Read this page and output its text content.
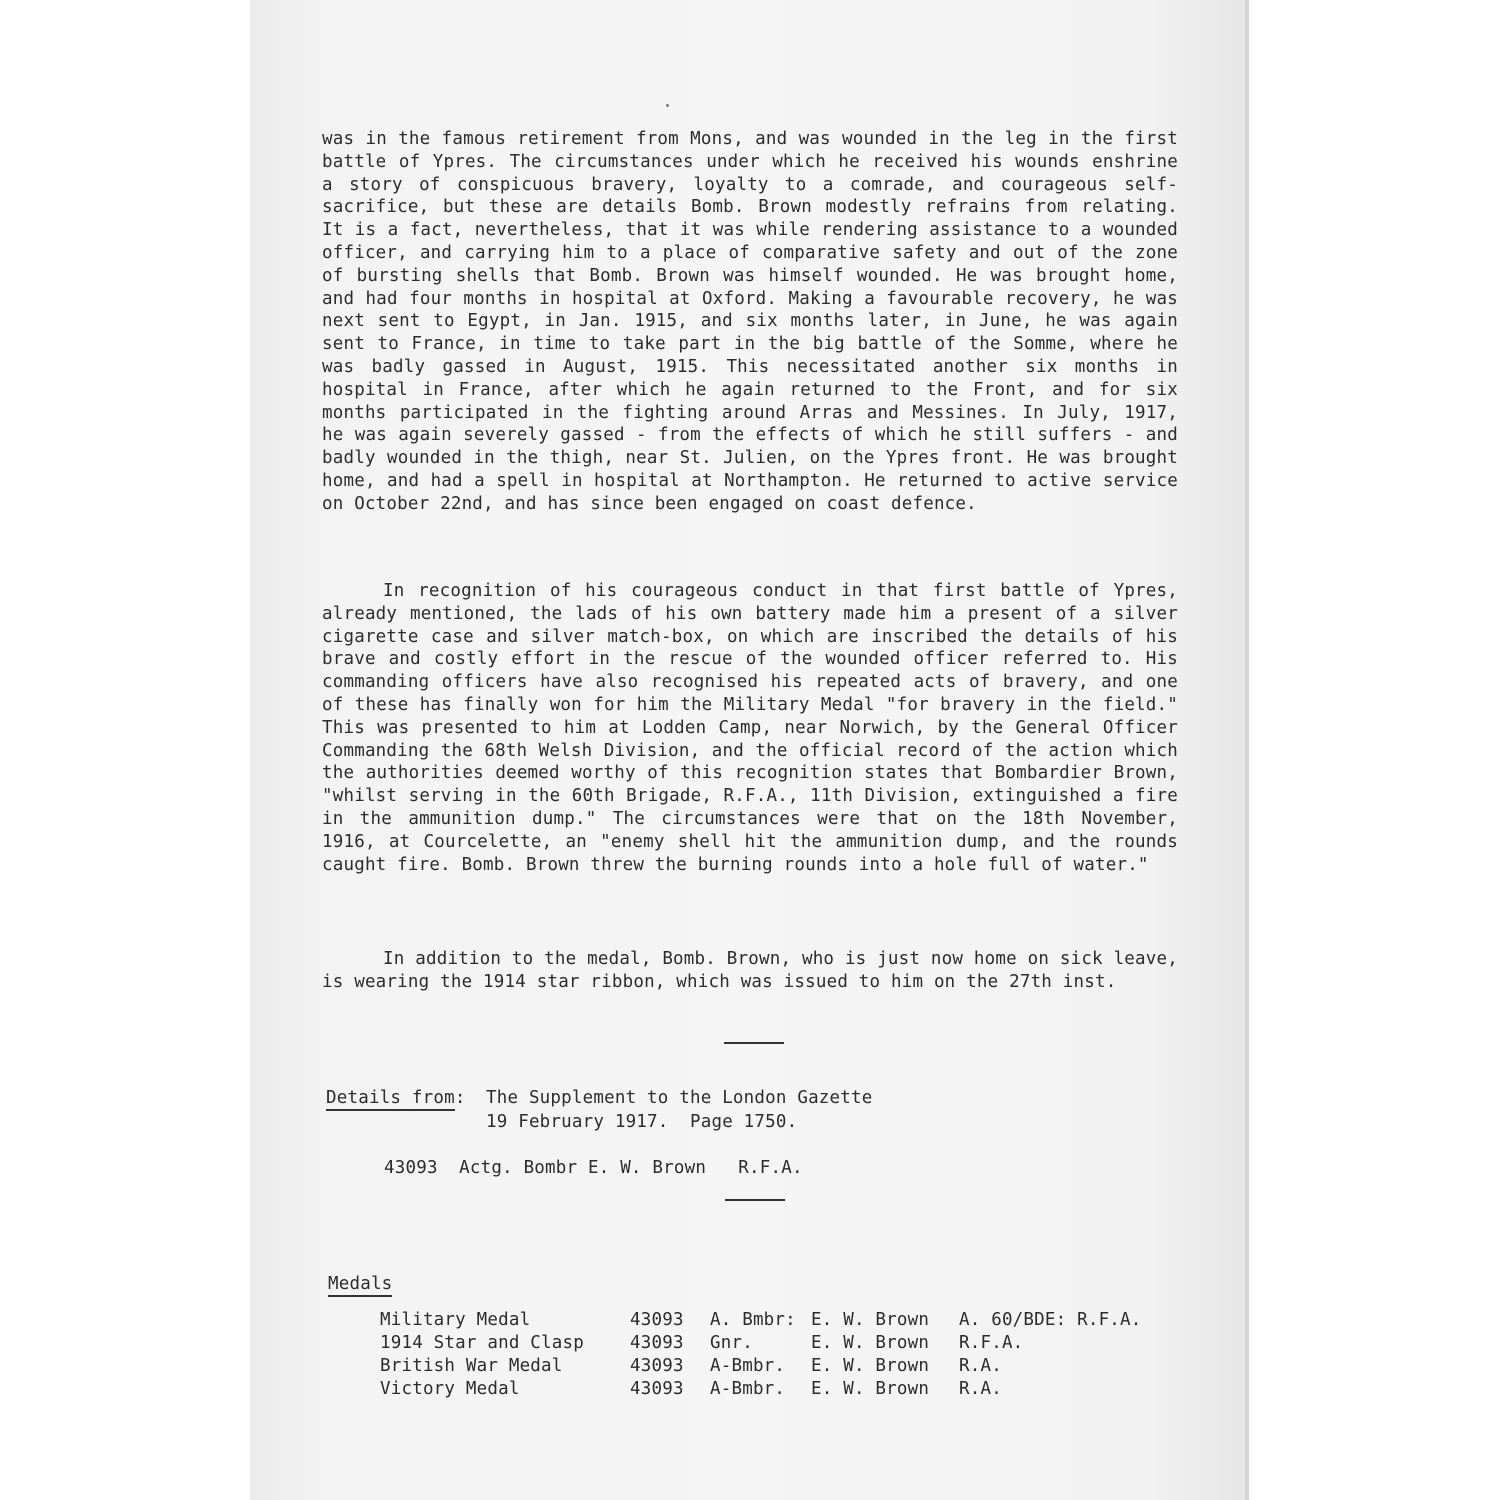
was in the famous retirement from Mons, and was wounded in the leg in the first battle of Ypres. The circumstances under which he received his wounds enshrine a story of conspicuous bravery, loyalty to a comrade, and courageous self-sacrifice, but these are details Bomb. Brown modestly refrains from relating. It is a fact, nevertheless, that it was while rendering assistance to a wounded officer, and carrying him to a place of comparative safety and out of the zone of bursting shells that Bomb. Brown was himself wounded. He was brought home, and had four months in hospital at Oxford. Making a favourable recovery, he was next sent to Egypt, in Jan. 1915, and six months later, in June, he was again sent to France, in time to take part in the big battle of the Somme, where he was badly gassed in August, 1915. This necessitated another six months in hospital in France, after which he again returned to the Front, and for six months participated in the fighting around Arras and Messines. In July, 1917, he was again severely gassed - from the effects of which he still suffers - and badly wounded in the thigh, near St. Julien, on the Ypres front. He was brought home, and had a spell in hospital at Northampton. He returned to active service on October 22nd, and has since been engaged on coast defence.
In recognition of his courageous conduct in that first battle of Ypres, already mentioned, the lads of his own battery made him a present of a silver cigarette case and silver match-box, on which are inscribed the details of his brave and costly effort in the rescue of the wounded officer referred to. His commanding officers have also recognised his repeated acts of bravery, and one of these has finally won for him the Military Medal "for bravery in the field." This was presented to him at Lodden Camp, near Norwich, by the General Officer Commanding the 68th Welsh Division, and the official record of the action which the authorities deemed worthy of this recognition states that Bombardier Brown, "whilst serving in the 60th Brigade, R.F.A., 11th Division, extinguished a fire in the ammunition dump." The circumstances were that on the 18th November, 1916, at Courcelette, an "enemy shell hit the ammunition dump, and the rounds caught fire. Bomb. Brown threw the burning rounds into a hole full of water."
In addition to the medal, Bomb. Brown, who is just now home on sick leave, is wearing the 1914 star ribbon, which was issued to him on the 27th inst.
Details from: The Supplement to the London Gazette
19 February 1917.  Page 1750.
43093  Actg. Bombr E. W. Brown   R.F.A.
Medals
Military Medal	43093	A. Bmbr:	E. W. Brown	A. 60/BDE: R.F.A.
1914 Star and Clasp	43093	Gnr.	E. W. Brown	R.F.A.
British War Medal	43093	A-Bmbr.	E. W. Brown	R.A.
Victory Medal	43093	A-Bmbr.	E. W. Brown	R.A.
